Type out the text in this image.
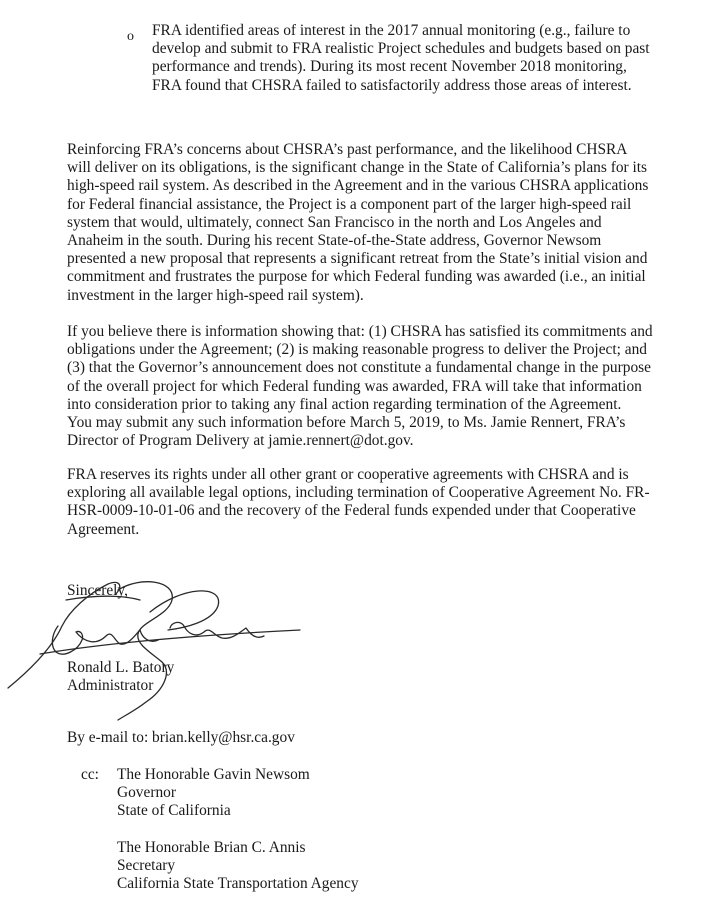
o FRA identified areas of interest in the 2017 annual monitoring (e.g., failure to
develop and submit to FRA realistic Project schedules and budgets based on past
performance and trends). During its most recent November 2018 monitoring,
FRA found that CHSRA failed to satisfactorily address those areas of interest.

Reinforcing FRA’s concerns about CHSRA’s past performance, and the likelihood CHSRA
will deliver on its obligations, is the significant change in the State of California’s plans for its
high-speed rail system. As described in the Agreement and in the various CHSRA applications
for Federal financial assistance, the Project is a component part of the larger high-speed rail
system that would, ultimately, connect San Francisco in the north and Los Angeles and
Anaheim in the south. During his recent State-of-the-State address, Governor Newsom
presented a new proposal that represents a significant retreat from the State’s initial vision and
commitment and frustrates the purpose for which Federal funding was awarded (i.e., an initial
investment in the larger high-speed rail system).

If you believe there is information showing that: (1) CHSRA has satisfied its commitments and
obligations under the Agreement; (2) is making reasonable progress to deliver the Project; and
(3) that the Governor’s announcement does not constitute a fundamental change in the purpose
of the overall project for which Federal funding was awarded, FRA will take that information
into consideration prior to taking any final action regarding termination of the Agreement.
You may submit any such information before March 5, 2019, to Ms. Jamie Rennert, FRA’s
Director of Program Delivery at jamie.rennert@dot.gov.

FRA reserves its rights under all other grant or cooperative agreements with CHSRA and is
exploring all available legal options, including termination of Cooperative Agreement No. FR-
HSR-0009-10-01-06 and the recovery of the Federal funds expended under that Cooperative
Agreement.

Sincerely,
Ronald L. Batory
Administrator
By e-mail to: brian.kelly@hsr.ca.gov
cc: The Honorable Gavin Newsom
Governor
State of California
The Honorable Brian C. Annis
Secretary
California State Transportation Agency
